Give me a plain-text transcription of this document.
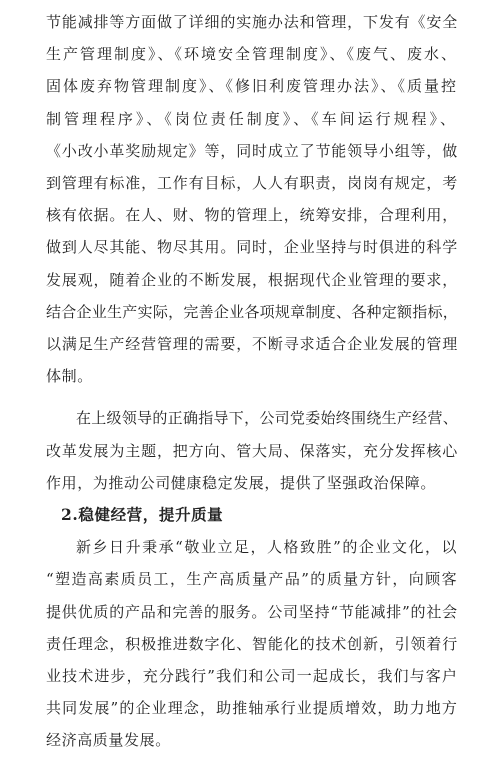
节能减排等方面做了详细的实施办法和管理，下发有《安全
生产管理制度》、《环境安全管理制度》、《废气、废水、
固体废弃物管理制度》、《修旧利废管理办法》、《质量控
制管理程序》、《岗位责任制度》、《车间运行规程》、
《小改小革奖励规定》等，同时成立了节能领导小组等，做
到管理有标准，工作有目标，人人有职责，岗岗有规定，考
核有依据。在人、财、物的管理上，统筹安排，合理利用，
做到人尽其能、物尽其用。同时，企业坚持与时俱进的科学
发展观，随着企业的不断发展，根据现代企业管理的要求，
结合企业生产实际，完善企业各项规章制度、各种定额指标，
以满足生产经营管理的需要，不断寻求适合企业发展的管理
体制。
在上级领导的正确指导下，公司党委始终围绕生产经营、
改革发展为主题，把方向、管大局、保落实，充分发挥核心
作用，为推动公司健康稳定发展，提供了坚强政治保障。
2.稳健经营，提升质量
新乡日升秉承“敬业立足，人格致胜”的企业文化，以
“塑造高素质员工，生产高质量产品”的质量方针，向顾客
提供优质的产品和完善的服务。公司坚持“节能减排”的社会
责任理念，积极推进数字化、智能化的技术创新，引领着行
业技术进步，充分践行”我们和公司一起成长，我们与客户
共同发展”的企业理念，助推轴承行业提质增效，助力地方
经济高质量发展。
